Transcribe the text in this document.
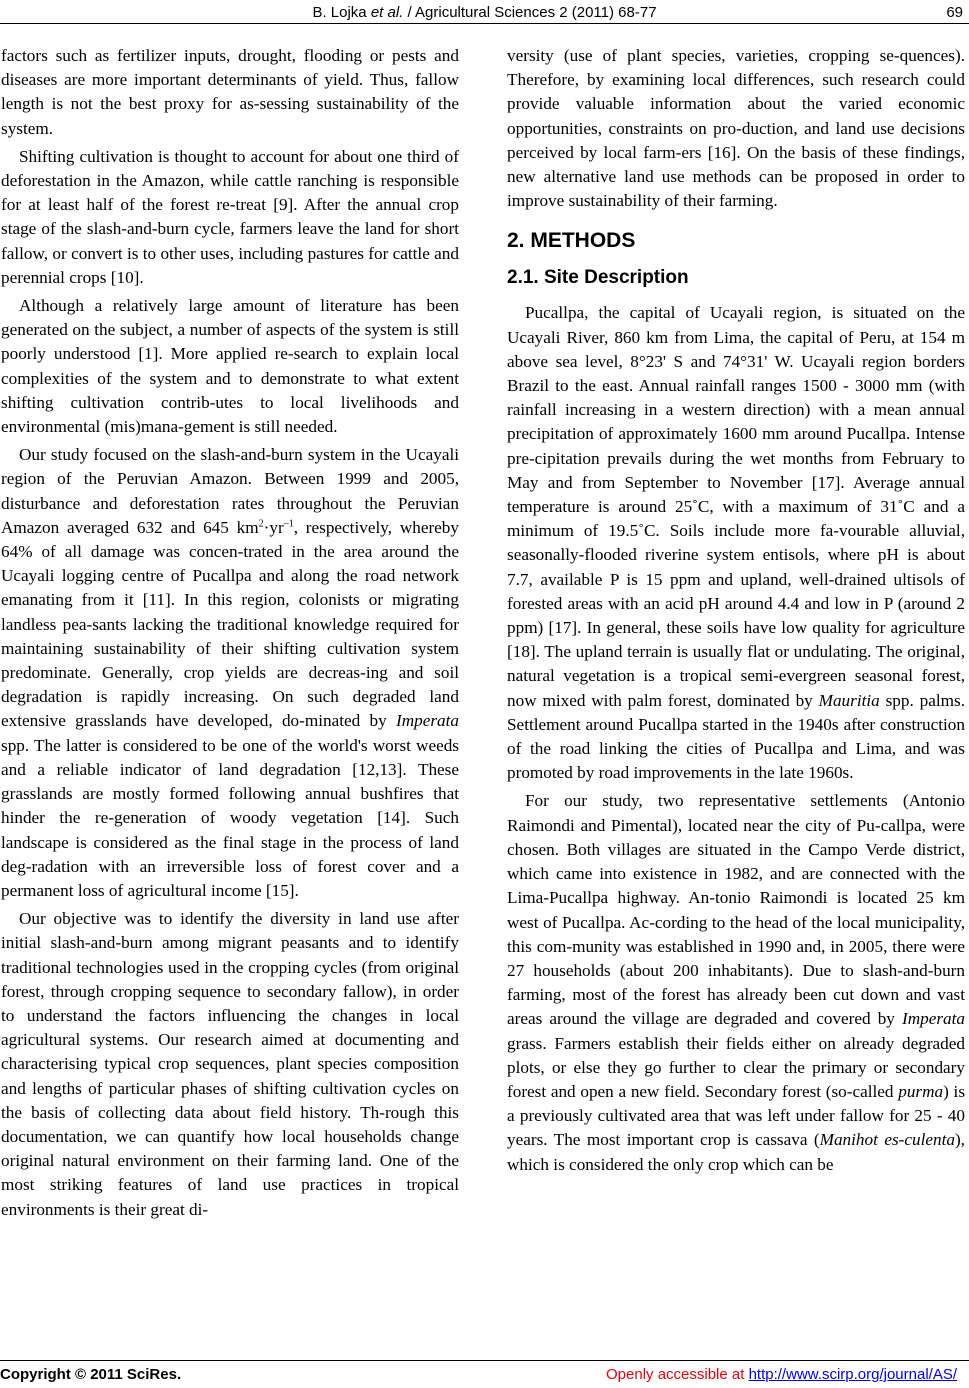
B. Lojka et al. / Agricultural Sciences 2 (2011) 68-77	69

factors such as fertilizer inputs, drought, flooding or pests and diseases are more important determinants of yield. Thus, fallow length is not the best proxy for as-sessing sustainability of the system.

Shifting cultivation is thought to account for about one third of deforestation in the Amazon, while cattle ranching is responsible for at least half of the forest re-treat [9]. After the annual crop stage of the slash-and-burn cycle, farmers leave the land for short fallow, or convert is to other uses, including pastures for cattle and perennial crops [10].

Although a relatively large amount of literature has been generated on the subject, a number of aspects of the system is still poorly understood [1]. More applied re-search to explain local complexities of the system and to demonstrate to what extent shifting cultivation contrib-utes to local livelihoods and environmental (mis)mana-gement is still needed.

Our study focused on the slash-and-burn system in the Ucayali region of the Peruvian Amazon. Between 1999 and 2005, disturbance and deforestation rates throughout the Peruvian Amazon averaged 632 and 645 $km^2\cdot yr^{-1}$, respectively, whereby 64% of all damage was concen-trated in the area around the Ucayali logging centre of Pucallpa and along the road network emanating from it [11]. In this region, colonists or migrating landless pea-sants lacking the traditional knowledge required for maintaining sustainability of their shifting cultivation system predominate. Generally, crop yields are decreas-ing and soil degradation is rapidly increasing. On such degraded land extensive grasslands have developed, do-minated by Imperata spp. The latter is considered to be one of the world's worst weeds and a reliable indicator of land degradation [12,13]. These grasslands are mostly formed following annual bushfires that hinder the re-generation of woody vegetation [14]. Such landscape is considered as the final stage in the process of land deg-radation with an irreversible loss of forest cover and a permanent loss of agricultural income [15].

Our objective was to identify the diversity in land use after initial slash-and-burn among migrant peasants and to identify traditional technologies used in the cropping cycles (from original forest, through cropping sequence to secondary fallow), in order to understand the factors influencing the changes in local agricultural systems. Our research aimed at documenting and characterising typical crop sequences, plant species composition and lengths of particular phases of shifting cultivation cycles on the basis of collecting data about field history. Th-rough this documentation, we can quantify how local households change original natural environment on their farming land. One of the most striking features of land use practices in tropical environments is their great di-

versity (use of plant species, varieties, cropping se-quences). Therefore, by examining local differences, such research could provide valuable information about the varied economic opportunities, constraints on pro-duction, and land use decisions perceived by local farm-ers [16]. On the basis of these findings, new alternative land use methods can be proposed in order to improve sustainability of their farming.

2. METHODS
2.1. Site Description

Pucallpa, the capital of Ucayali region, is situated on the Ucayali River, 860 km from Lima, the capital of Peru, at 154 m above sea level, 8°23' S and 74°31' W. Ucayali region borders Brazil to the east. Annual rainfall ranges 1500 - 3000 mm (with rainfall increasing in a western direction) with a mean annual precipitation of approximately 1600 mm around Pucallpa. Intense pre-cipitation prevails during the wet months from February to May and from September to November [17]. Average annual temperature is around 25˚C, with a maximum of 31˚C and a minimum of 19.5˚C. Soils include more fa-vourable alluvial, seasonally-flooded riverine system entisols, where pH is about 7.7, available P is 15 ppm and upland, well-drained ultisols of forested areas with an acid pH around 4.4 and low in P (around 2 ppm) [17]. In general, these soils have low quality for agriculture [18]. The upland terrain is usually flat or undulating. The original, natural vegetation is a tropical semi-evergreen seasonal forest, now mixed with palm forest, dominated by Mauritia spp. palms. Settlement around Pucallpa started in the 1940s after construction of the road linking the cities of Pucallpa and Lima, and was promoted by road improvements in the late 1960s.

For our study, two representative settlements (Antonio Raimondi and Pimental), located near the city of Pu-callpa, were chosen. Both villages are situated in the Campo Verde district, which came into existence in 1982, and are connected with the Lima-Pucallpa highway. An-tonio Raimondi is located 25 km west of Pucallpa. Ac-cording to the head of the local municipality, this com-munity was established in 1990 and, in 2005, there were 27 households (about 200 inhabitants). Due to slash-and-burn farming, most of the forest has already been cut down and vast areas around the village are degraded and covered by Imperata grass. Farmers establish their fields either on already degraded plots, or else they go further to clear the primary or secondary forest and open a new field. Secondary forest (so-called purma) is a previously cultivated area that was left under fallow for 25 - 40 years. The most important crop is cassava (Manihot es-culenta), which is considered the only crop which can be

Copyright © 2011 SciRes.	Openly accessible at http://www.scirp.org/journal/AS/
